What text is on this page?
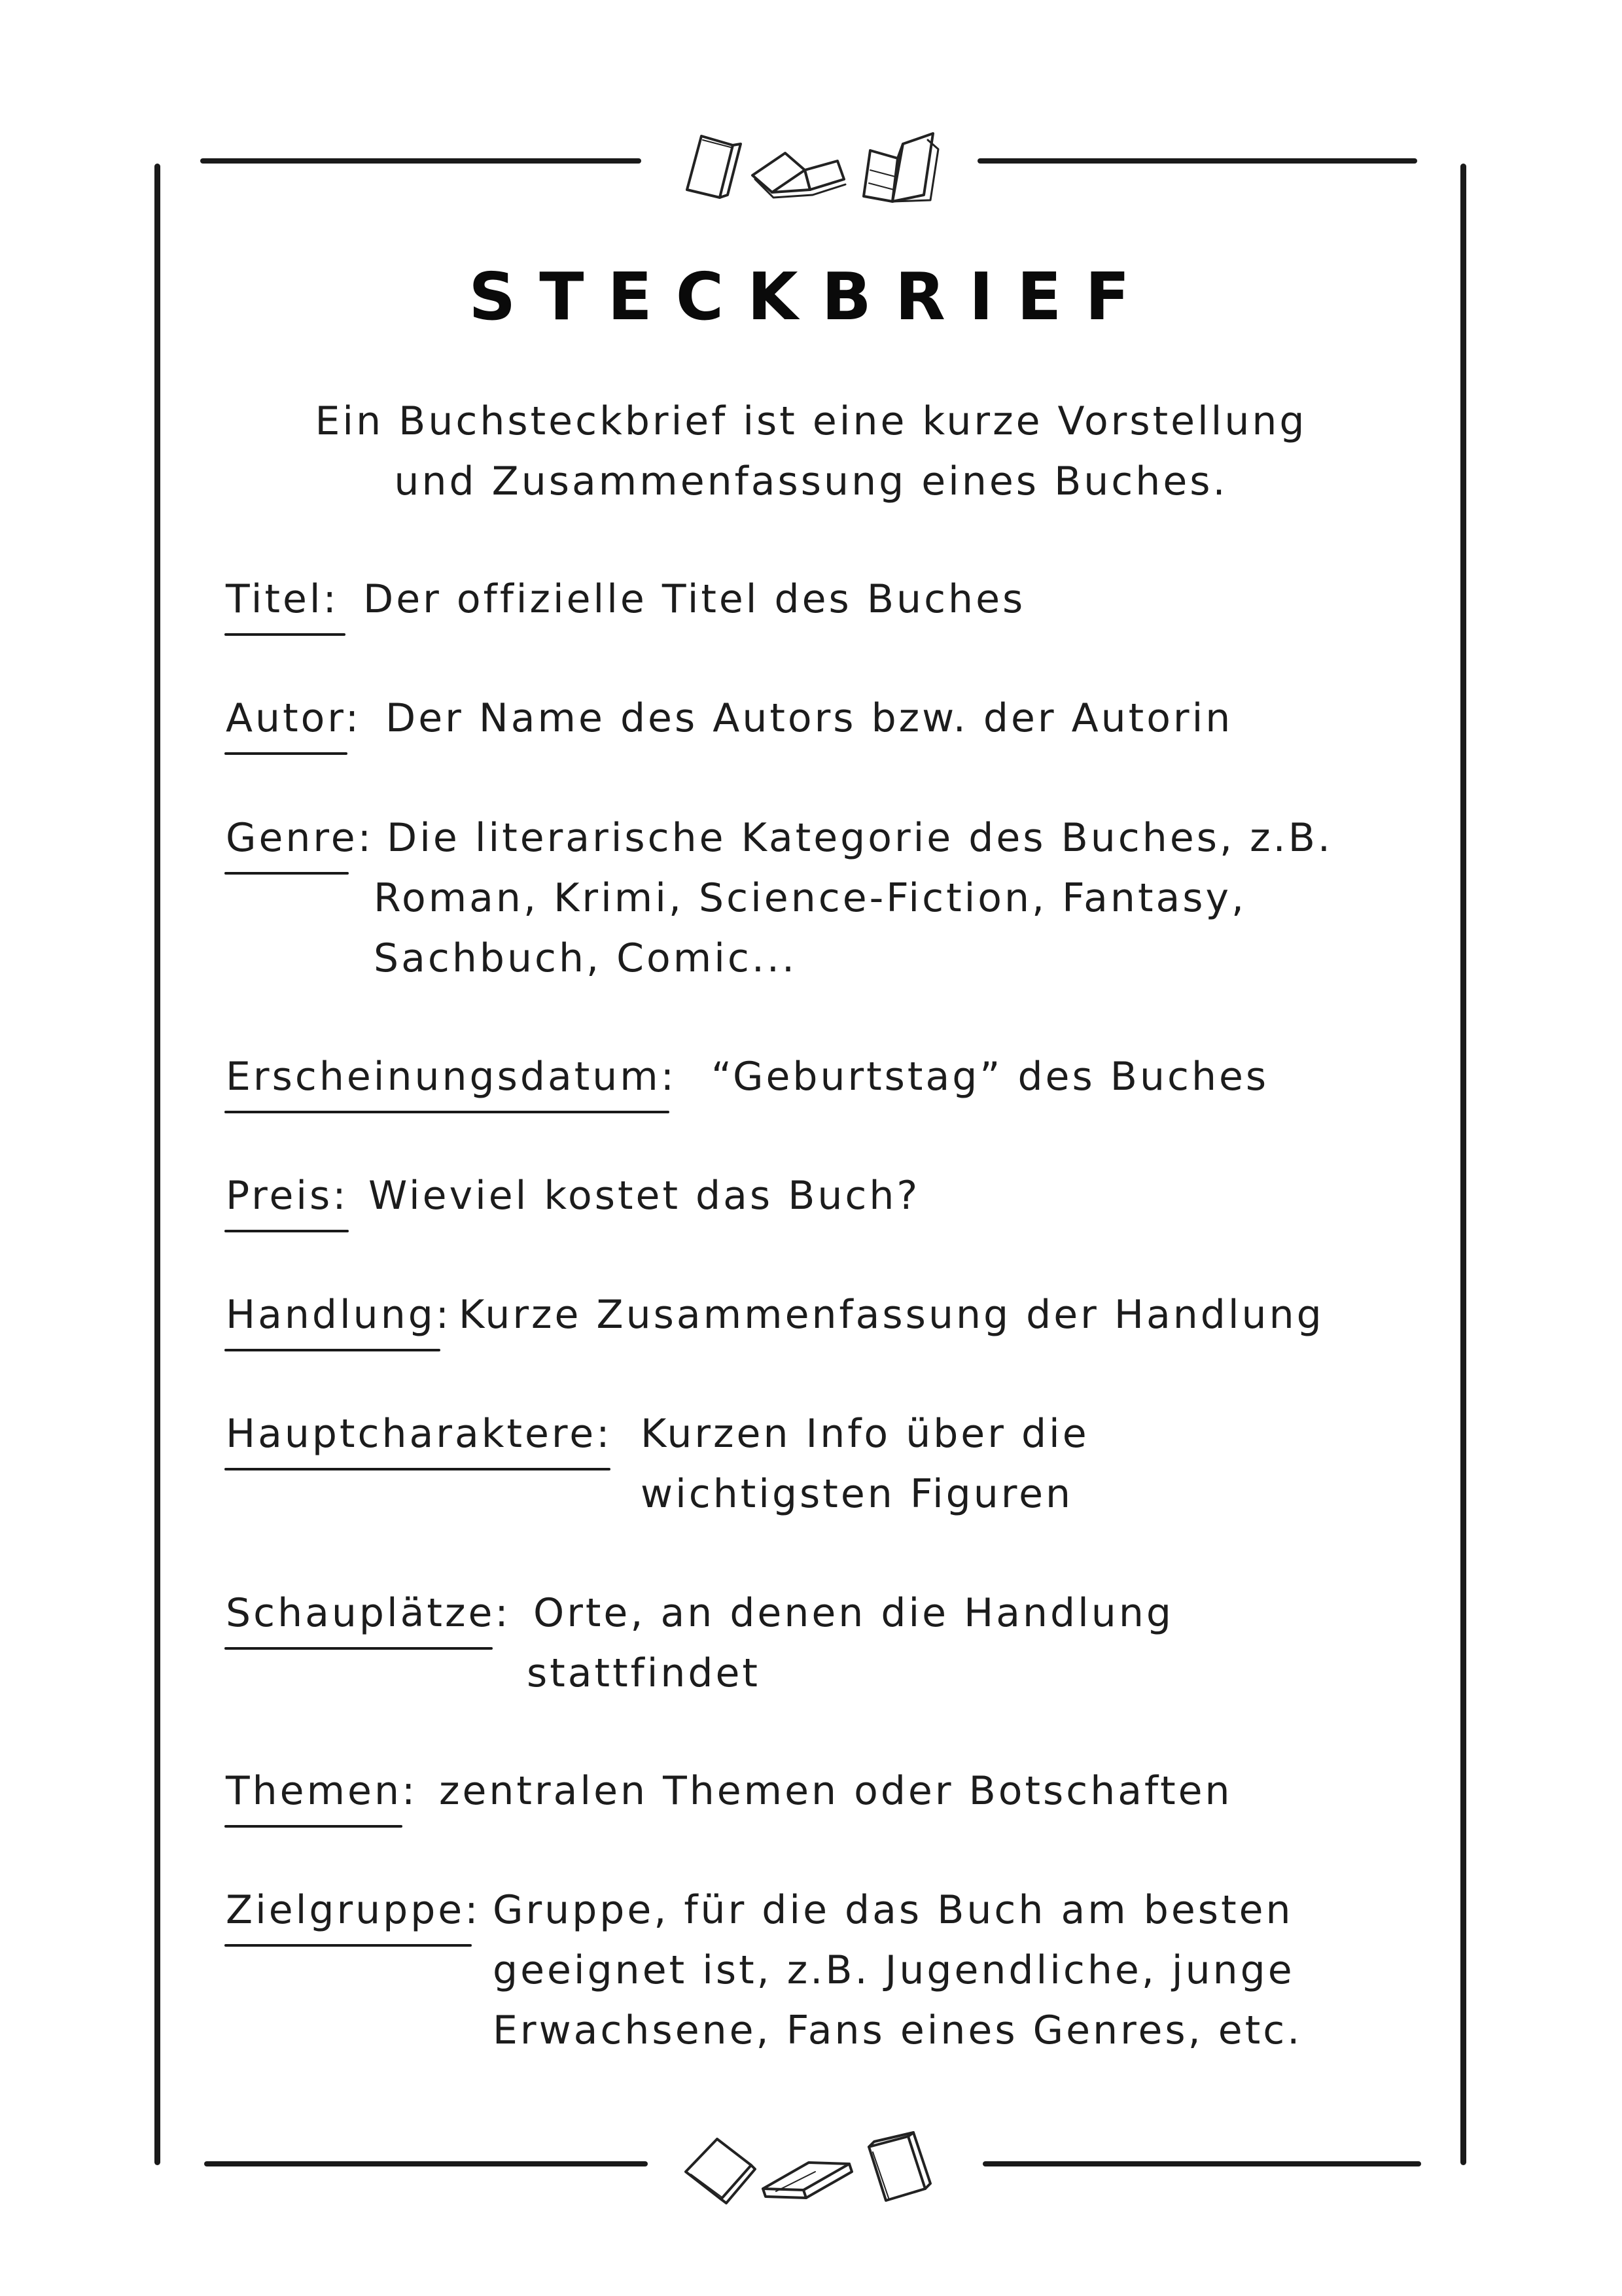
STECKBRIEF
Ein Buchsteckbrief ist eine kurze Vorstellung
und Zusammenfassung eines Buches.
Titel: Der offizielle Titel des Buches
Autor: Der Name des Autors bzw. der Autorin
Genre: Die literarische Kategorie des Buches, z.B.
Roman, Krimi, Science-Fiction, Fantasy,
Sachbuch, Comic...
Erscheinungsdatum: “Geburtstag” des Buches
Preis: Wieviel kostet das Buch?
Handlung: Kurze Zusammenfassung der Handlung
Hauptcharaktere: Kurzen Info über die
wichtigsten Figuren
Schauplätze: Orte, an denen die Handlung
stattfindet
Themen: zentralen Themen oder Botschaften
Zielgruppe: Gruppe, für die das Buch am besten
geeignet ist, z.B. Jugendliche, junge
Erwachsene, Fans eines Genres, etc.
